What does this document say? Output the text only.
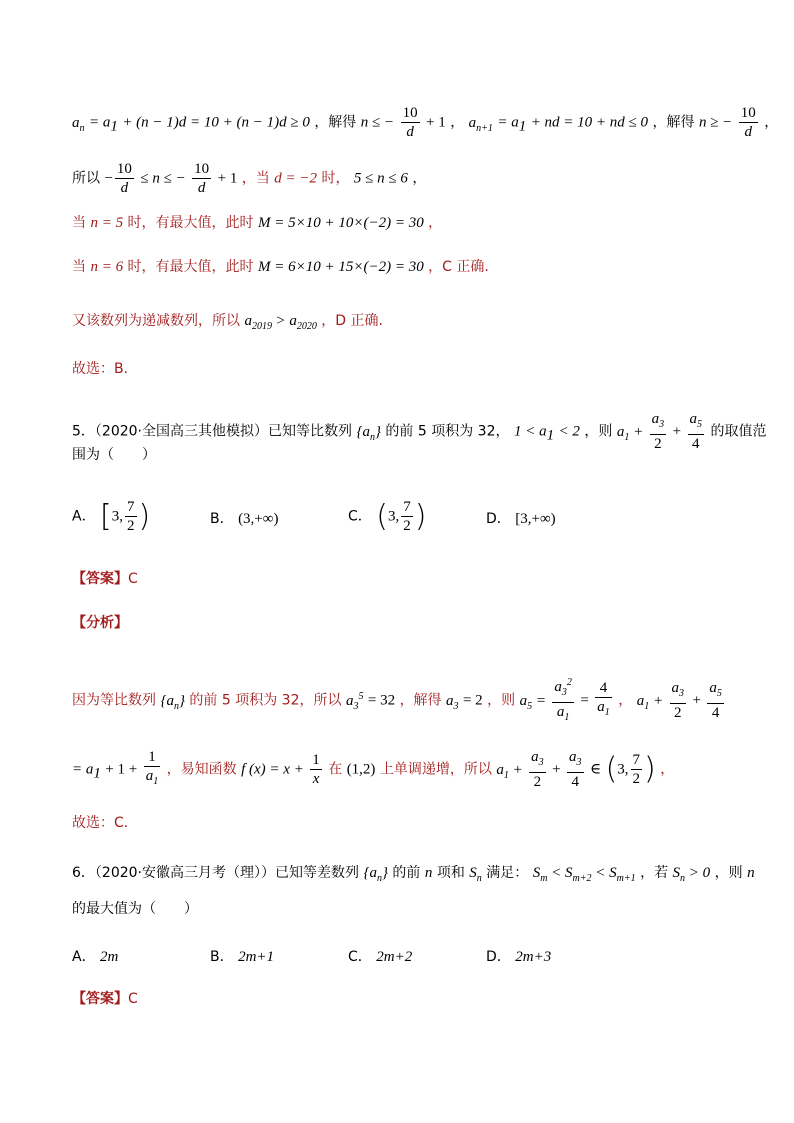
$a_n = a_1 + (n - 1)d = 10 + (n - 1)d \ge 0$ ，解得 n ≤ − $\frac{10}{d} + 1$ ， $a_{n+1} = a_1$ + nd = 10 + nd ≤ 0 ，解得 n ≥ − $\frac{10}{d}$ ，
所以 − $\frac{10}{d} \le n$ ≤ − $\frac{10}{d} + 1$ ，当 d = −2 时， 5 ≤ n ≤ 6 ，
当 n = 5 时，有最大值，此时 M = 5×10 + 10×(−2) = 30 ，
当 n = 6 时，有最大值，此时 M = 6×10 + 15×(−2) = 30 ，C 正确.
又该数列为递减数列，所以 $a_{2019} > a_{2020}$ ，D 正确.
故选：B.
5．（2020·全国高三其他模拟）已知等比数列 $\{a_n\}$ 的前 5 项积为 32， $1 < a_1 < 2$ ，则 $a_1 + \frac{a_3}{2} + \frac{a_5}{4}$ 的取值范
围为（　　）
A． [3, $\frac{7}{2}$ )	B． (3,+∞)	C． (3, $\frac{7}{2}$ )	D． [3,+∞)
【答案】C
【分析】
因为等比数列 $\{a_n\}$ 的前 5 项积为 32，所以 $a_3^5 = 32$ ，解得 $a_3 = 2$ ，则 $a_5 = \frac{a_3^2}{a_1} = \frac{4}{a_1}$ ， $a_1 + \frac{a_3}{2} + \frac{a_5}{4}$
= $a_1 + 1 + \frac{1}{a_1}$ ，易知函数 f $(x) = x + \frac{1}{x}$ 在 (1,2) 上单调递增，所以 $a_1 + \frac{a_3}{2} + \frac{a_3}{4}$ ∈ (3, $\frac{7}{2}$ ) ，
故选：C.
6．（2020·安徽高三月考（理））已知等差数列 $\{a_n\}$ 的前 n 项和 $S_n$ 满足： $S_m < S_{m+2} < S_{m+1}$ ，若 $S_n > 0$ ，则 n
的最大值为（　　）
A． 2m	B． 2m+1	C． 2m+2	D． 2m+3
【答案】C
